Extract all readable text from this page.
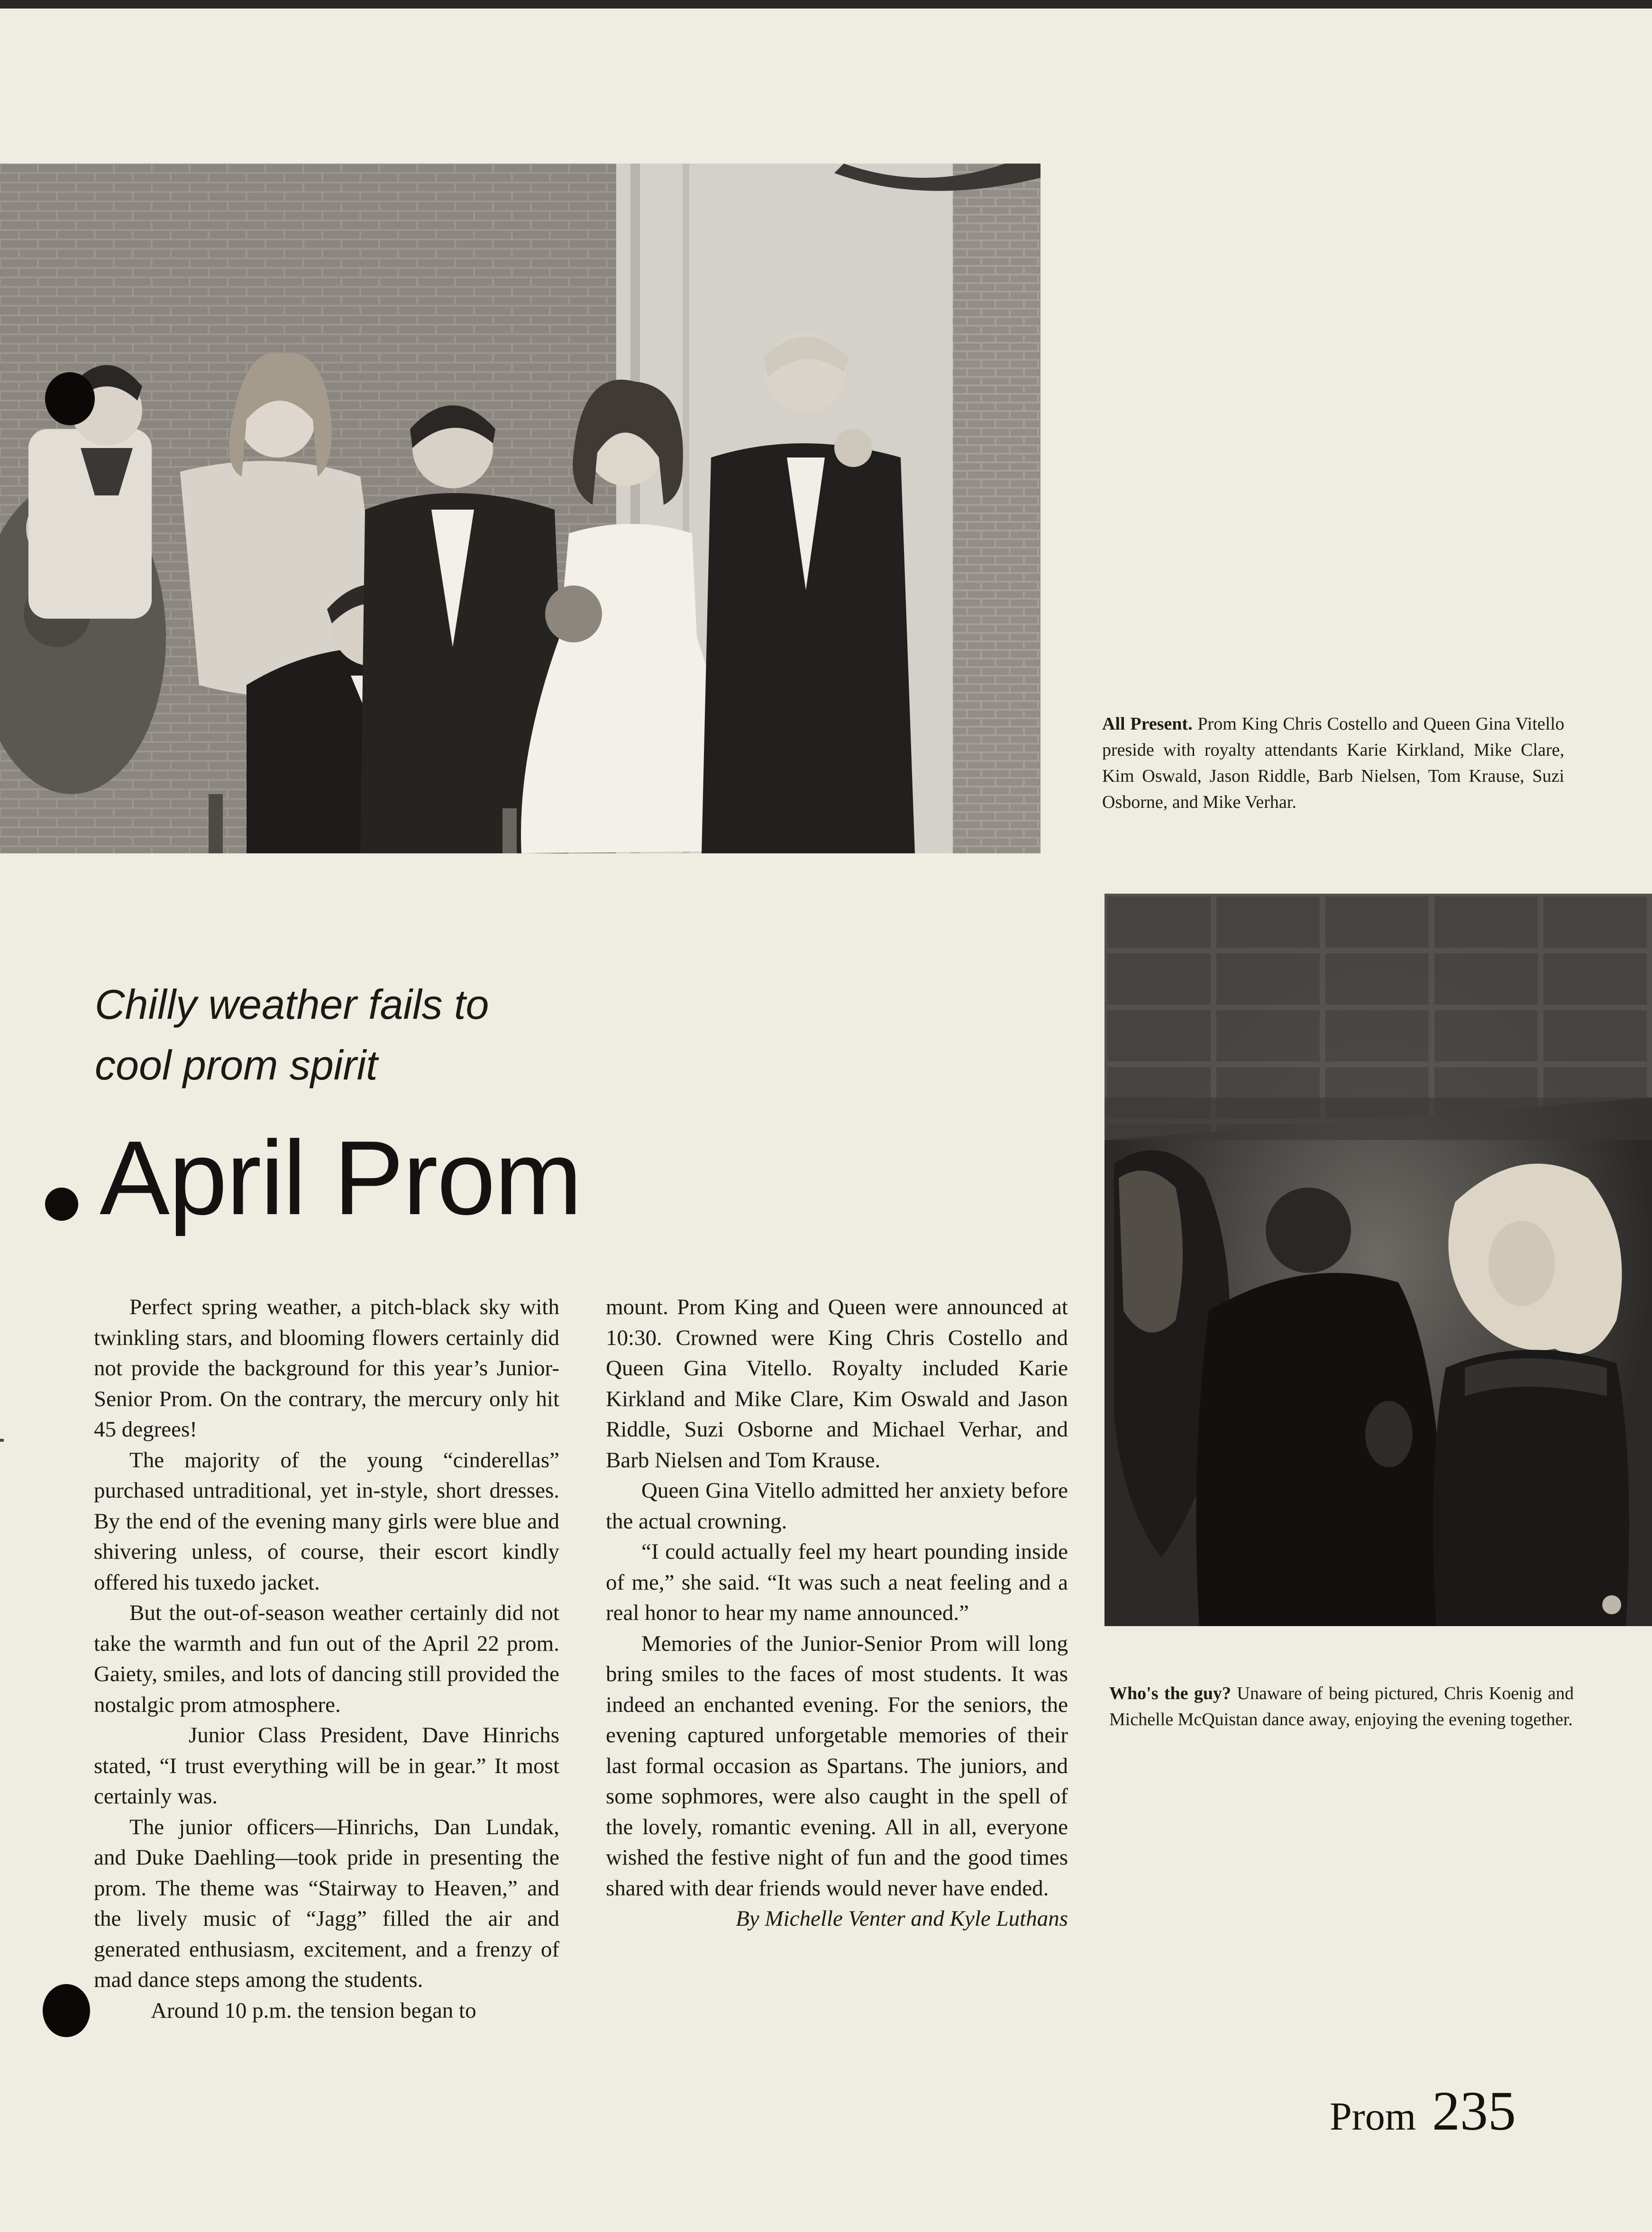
All Present. Prom King Chris Costello and Queen Gina Vitello preside with royalty attendants Karie Kirkland, Mike Clare, Kim Oswald, Jason Riddle, Barb Nielsen, Tom Krause, Suzi Osborne, and Mike Verhar.
Who's the guy? Unaware of being pictured, Chris Koenig and Michelle McQuistan dance away, enjoying the evening together.
Chilly weather fails to
cool prom spirit
April Prom

Perfect spring weather, a pitch-black sky with twinkling stars, and blooming flowers certainly did not provide the background for this year’s Junior-Senior Prom. On the contrary, the mercury only hit 45 degrees!

The majority of the young “cinderellas” purchased untraditional, yet in-style, short dresses. By the end of the evening many girls were blue and shivering unless, of course, their escort kindly offered his tuxedo jacket.

But the out-of-season weather certainly did not take the warmth and fun out of the April 22 prom. Gaiety, smiles, and lots of dancing still provided the nostalgic prom atmosphere.

Junior Class President, Dave Hinrichs stated, “I trust everything will be in gear.” It most certainly was.

The junior officers—Hinrichs, Dan Lundak, and Duke Daehling—took pride in presenting the prom. The theme was “Stairway to Heaven,” and the lively music of “Jagg” filled the air and generated enthusiasm, excitement, and a frenzy of mad dance steps among the students.

Around 10 p.m. the tension began to

mount. Prom King and Queen were announced at 10:30. Crowned were King Chris Costello and Queen Gina Vitello. Royalty included Karie Kirkland and Mike Clare, Kim Oswald and Jason Riddle, Suzi Osborne and Michael Verhar, and Barb Nielsen and Tom Krause.

Queen Gina Vitello admitted her anxiety before the actual crowning.

“I could actually feel my heart pounding inside of me,” she said. “It was such a neat feeling and a real honor to hear my name announced.”

Memories of the Junior-Senior Prom will long bring smiles to the faces of most students. It was indeed an enchanted evening. For the seniors, the evening captured unforgetable memories of their last formal occasion as Spartans. The juniors, and some sophmores, were also caught in the spell of the lovely, romantic evening. All in all, everyone wished the festive night of fun and the good times shared with dear friends would never have ended.

By Michelle Venter and Kyle Luthans

Prom 235
